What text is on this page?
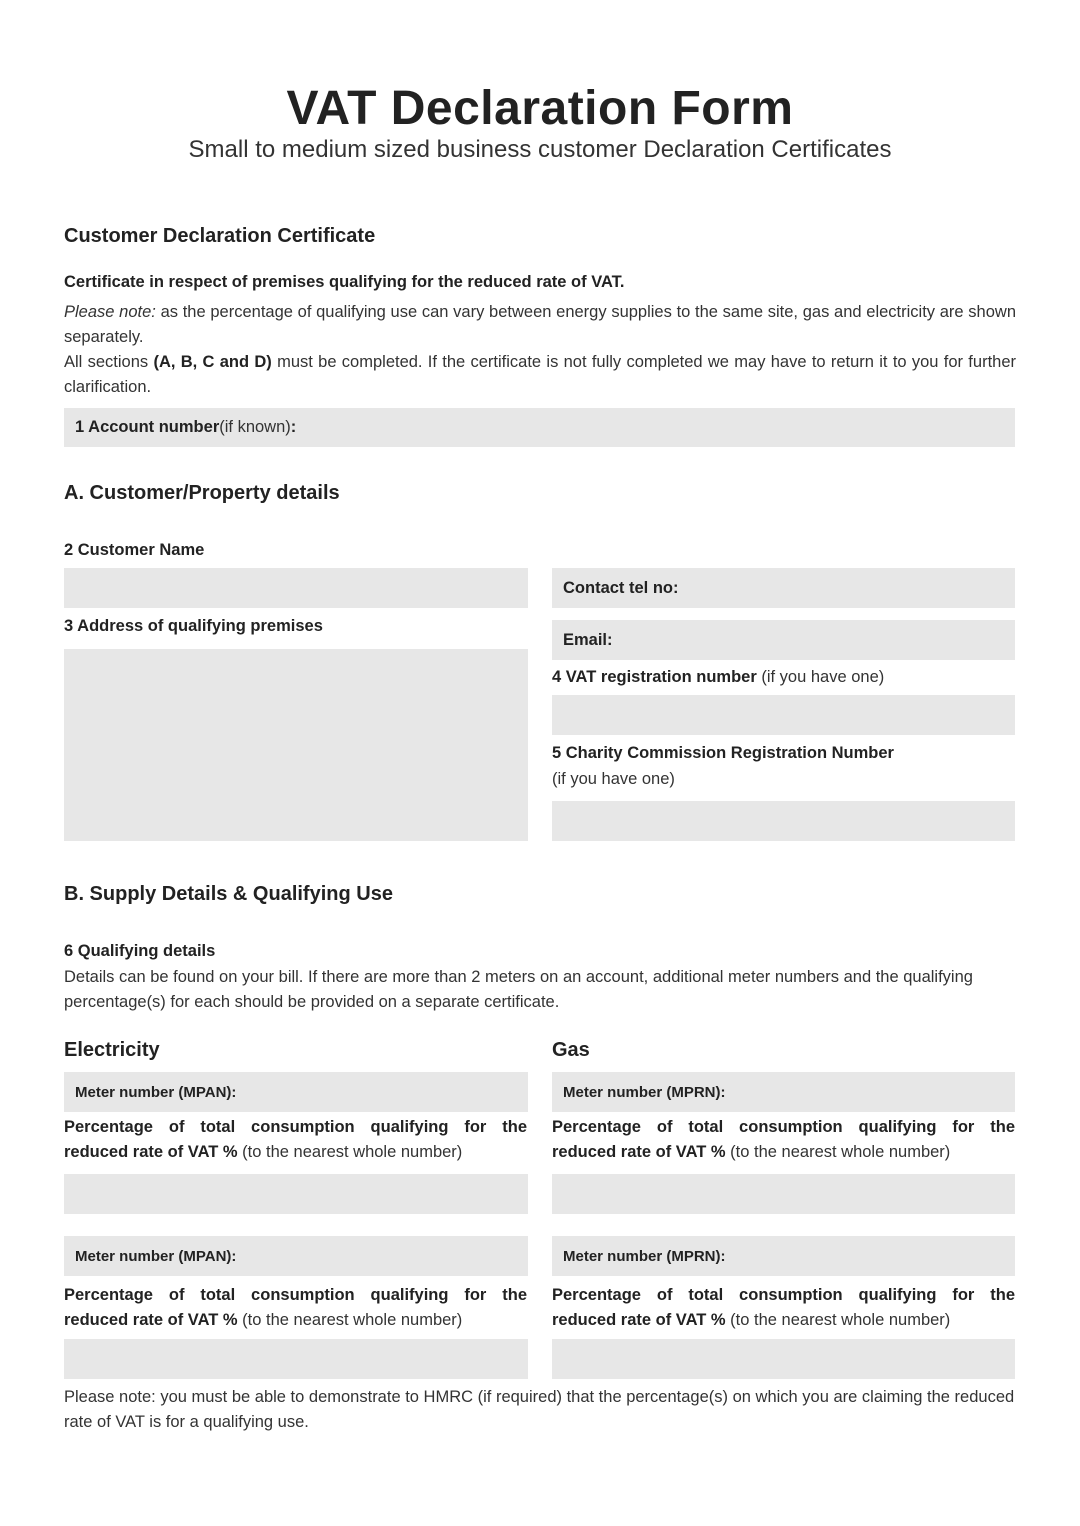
VAT Declaration Form
Small to medium sized business customer Declaration Certificates
Customer Declaration Certificate
Certificate in respect of premises qualifying for the reduced rate of VAT.
Please note: as the percentage of qualifying use can vary between energy supplies to the same site, gas and electricity are shown separately.
All sections (A, B, C and D) must be completed. If the certificate is not fully completed we may have to return it to you for further clarification.
1 Account number (if known) :

A. Customer/Property details
2 Customer Name
3 Address of qualifying premises
Contact tel no:
Email:
4 VAT registration number (if you have one)
5 Charity Commission Registration Number
(if you have one)
B. Supply Details & Qualifying Use
6 Qualifying details
Details can be found on your bill. If there are more than 2 meters on an account, additional meter numbers and the qualifying percentage(s) for each should be provided on a separate certificate.
Electricity	Gas
Meter number (MPAN):
Percentage of total consumption qualifying for the reduced rate of VAT % (to the nearest whole number)
Meter number (MPRN):
Percentage of total consumption qualifying for the reduced rate of VAT % (to the nearest whole number)
Meter number (MPAN):
Percentage of total consumption qualifying for the reduced rate of VAT % (to the nearest whole number)
Meter number (MPRN):
Percentage of total consumption qualifying for the reduced rate of VAT % (to the nearest whole number)
Please note: you must be able to demonstrate to HMRC (if required) that the percentage(s) on which you are claiming the reduced rate of VAT is for a qualifying use.
